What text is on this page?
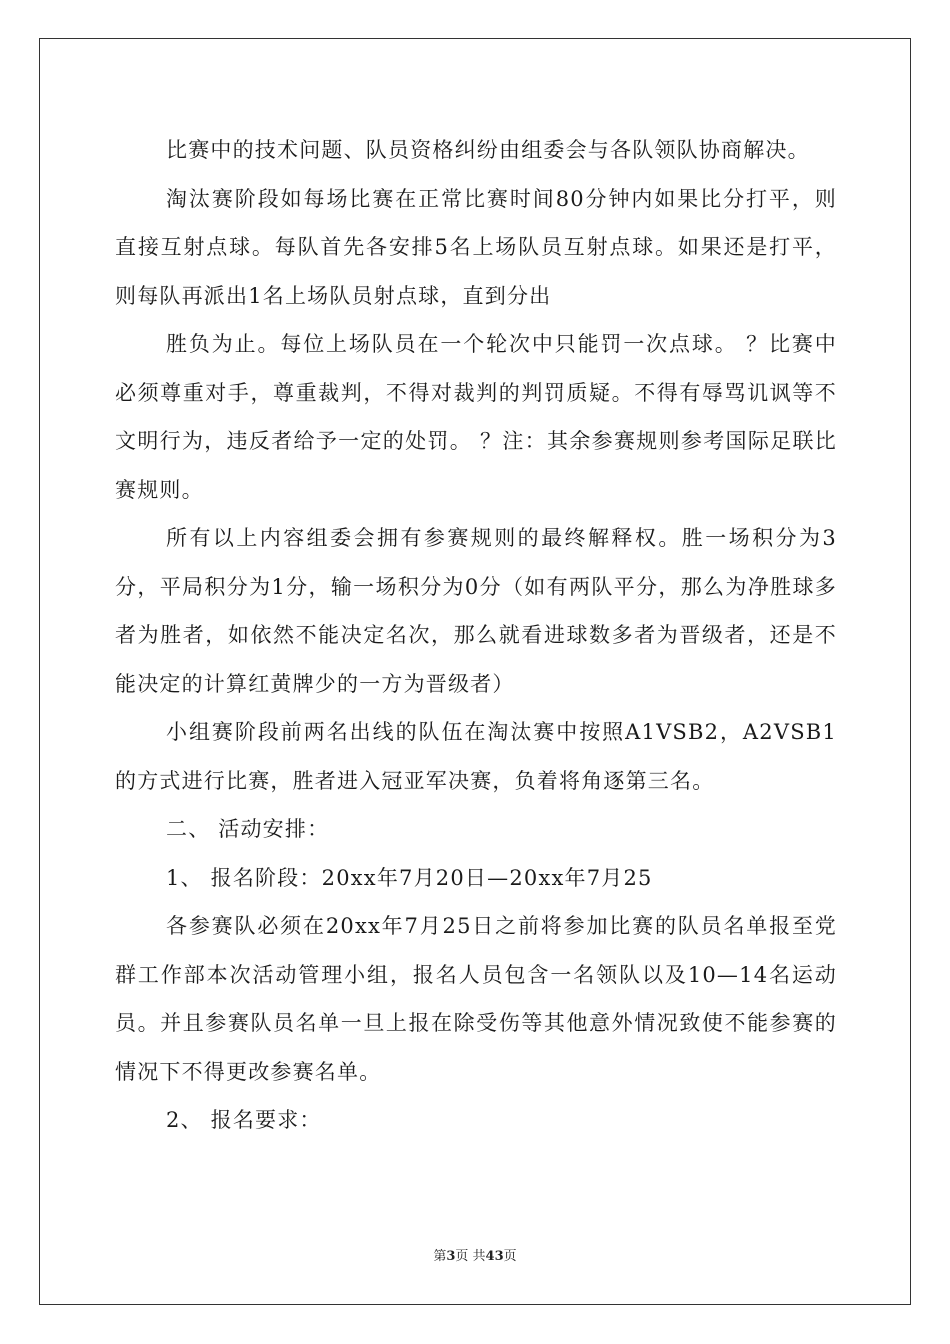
比赛中的技术问题、队员资格纠纷由组委会与各队领队协商解决。

淘汰赛阶段如每场比赛在正常比赛时间80分钟内如果比分打平，则直接互射点球。每队首先各安排5名上场队员互射点球。如果还是打平，则每队再派出1名上场队员射点球，直到分出

胜负为止。每位上场队员在一个轮次中只能罚一次点球。 ？比赛中必须尊重对手，尊重裁判，不得对裁判的判罚质疑。不得有辱骂讥讽等不文明行为，违反者给予一定的处罚。 ？注：其余参赛规则参考国际足联比赛规则。

所有以上内容组委会拥有参赛规则的最终解释权。胜一场积分为3分，平局积分为1分，输一场积分为0分（如有两队平分，那么为净胜球多者为胜者，如依然不能决定名次，那么就看进球数多者为晋级者，还是不能决定的计算红黄牌少的一方为晋级者）

小组赛阶段前两名出线的队伍在淘汰赛中按照A1VSB2，A2VSB1的方式进行比赛，胜者进入冠亚军决赛，负着将角逐第三名。

二、 活动安排：

1、 报名阶段：20xx年7月20日—20xx年7月25

各参赛队必须在20xx年7月25日之前将参加比赛的队员名单报至党群工作部本次活动管理小组，报名人员包含一名领队以及10—14名运动员。并且参赛队员名单一旦上报在除受伤等其他意外情况致使不能参赛的情况下不得更改参赛名单。

2、 报名要求：

第3页 共43页
